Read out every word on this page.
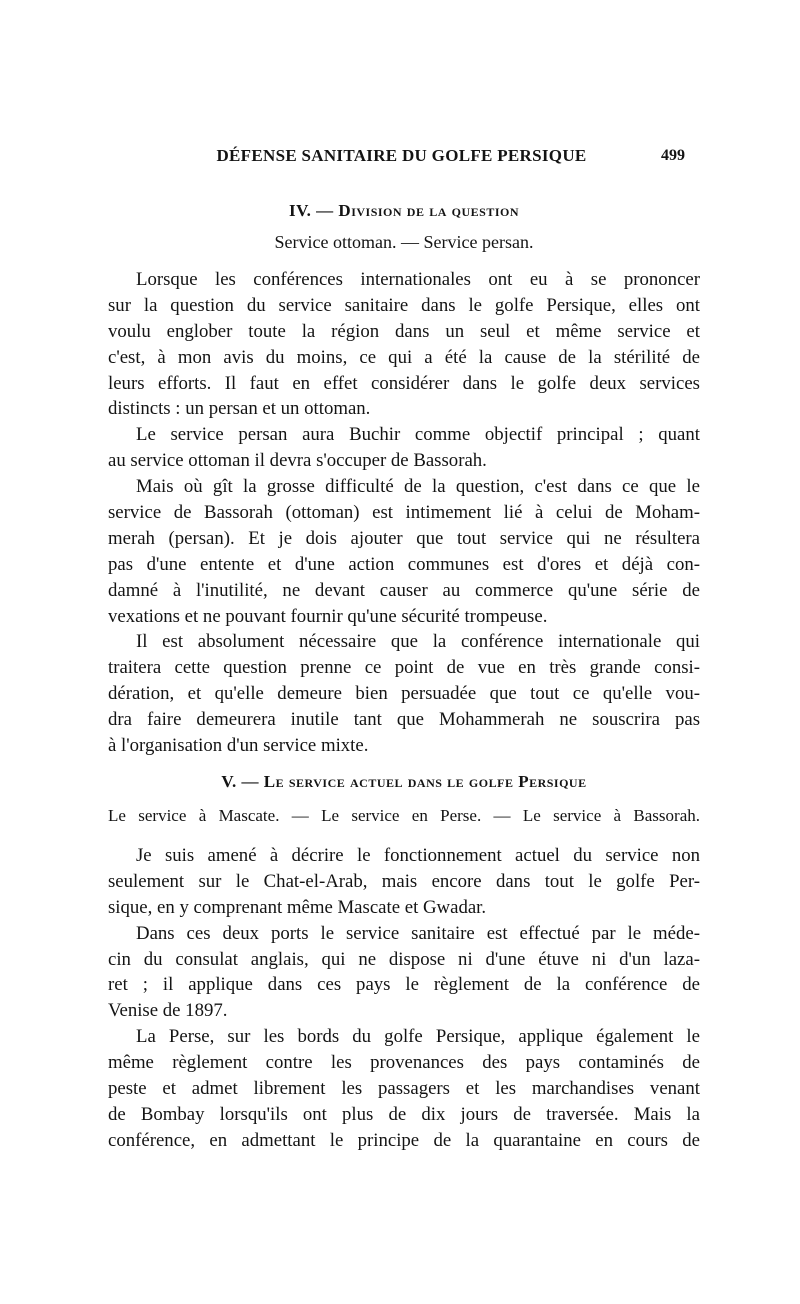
DÉFENSE SANITAIRE DU GOLFE PERSIQUE	499
IV. — Division de la question
Service ottoman. — Service persan.
Lorsque les conférences internationales ont eu à se prononcer
sur la question du service sanitaire dans le golfe Persique, elles ont
voulu englober toute la région dans un seul et même service et
c'est, à mon avis du moins, ce qui a été la cause de la stérilité de
leurs efforts. Il faut en effet considérer dans le golfe deux services
distincts : un persan et un ottoman.
Le service persan aura Buchir comme objectif principal ; quant
au service ottoman il devra s'occuper de Bassorah.
Mais où gît la grosse difficulté de la question, c'est dans ce que le
service de Bassorah (ottoman) est intimement lié à celui de Moham-
merah (persan). Et je dois ajouter que tout service qui ne résultera
pas d'une entente et d'une action communes est d'ores et déjà con-
damné à l'inutilité, ne devant causer au commerce qu'une série de
vexations et ne pouvant fournir qu'une sécurité trompeuse.
Il est absolument nécessaire que la conférence internationale qui
traitera cette question prenne ce point de vue en très grande consi-
dération, et qu'elle demeure bien persuadée que tout ce qu'elle vou-
dra faire demeurera inutile tant que Mohammerah ne souscrira pas
à l'organisation d'un service mixte.
V. — Le service actuel dans le golfe Persique
Le service à Mascate. — Le service en Perse. — Le service à Bassorah.
Je suis amené à décrire le fonctionnement actuel du service non
seulement sur le Chat-el-Arab, mais encore dans tout le golfe Per-
sique, en y comprenant même Mascate et Gwadar.
Dans ces deux ports le service sanitaire est effectué par le méde-
cin du consulat anglais, qui ne dispose ni d'une étuve ni d'un laza-
ret ; il applique dans ces pays le règlement de la conférence de
Venise de 1897.
La Perse, sur les bords du golfe Persique, applique également le
même règlement contre les provenances des pays contaminés de
peste et admet librement les passagers et les marchandises venant
de Bombay lorsqu'ils ont plus de dix jours de traversée. Mais la
conférence, en admettant le principe de la quarantaine en cours de
